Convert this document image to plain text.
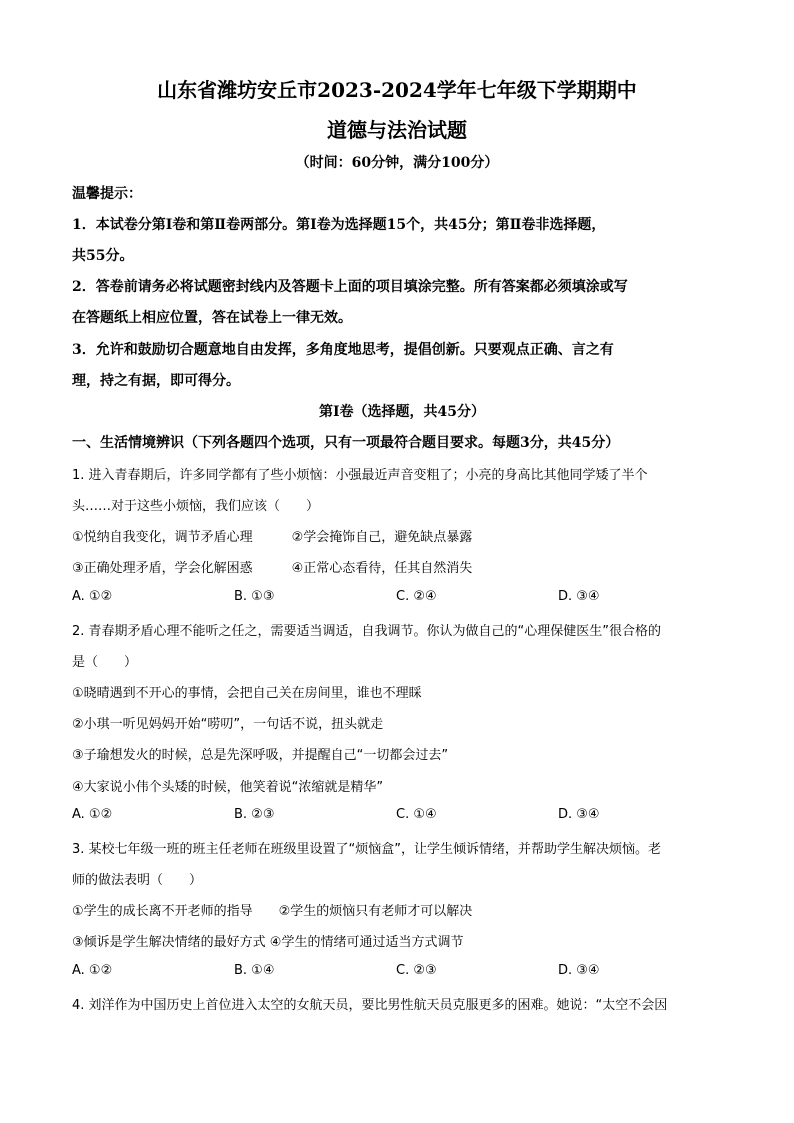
山东省潍坊安丘市2023-2024学年七年级下学期期中
道德与法治试题
（时间：60分钟，满分100分）
温馨提示：
1．本试卷分第Ⅰ卷和第Ⅱ卷两部分。第Ⅰ卷为选择题15个，共45分；第Ⅱ卷非选择题，
共55分。
2．答卷前请务必将试题密封线内及答题卡上面的项目填涂完整。所有答案都必须填涂或写
在答题纸上相应位置，答在试卷上一律无效。
3．允许和鼓励切合题意地自由发挥，多角度地思考，提倡创新。只要观点正确、言之有
理，持之有据，即可得分。
第Ⅰ卷（选择题，共45分）
一、生活情境辨识（下列各题四个选项，只有一项最符合题目要求。每题3分，共45分）
1. 进入青春期后，许多同学都有了些小烦恼：小强最近声音变粗了；小亮的身高比其他同学矮了半个
头……对于这些小烦恼，我们应该（　　）
①悦纳自我变化，调节矛盾心理　　　②学会掩饰自己，避免缺点暴露
③正确处理矛盾，学会化解困惑　　　④正常心态看待，任其自然消失
A. ①②	B. ①③	C. ②④	D. ③④
2. 青春期矛盾心理不能听之任之，需要适当调适，自我调节。你认为做自己的“心理保健医生”很合格的
是（　　）
①晓晴遇到不开心的事情，会把自己关在房间里，谁也不理睬
②小琪一听见妈妈开始“唠叨”，一句话不说，扭头就走
③子瑜想发火的时候，总是先深呼吸，并提醒自己“一切都会过去”
④大家说小伟个头矮的时候，他笑着说“浓缩就是精华”
A. ①②	B. ②③	C. ①④	D. ③④
3. 某校七年级一班的班主任老师在班级里设置了“烦恼盒”，让学生倾诉情绪，并帮助学生解决烦恼。老
师的做法表明（　　）
①学生的成长离不开老师的指导　　②学生的烦恼只有老师才可以解决
③倾诉是学生解决情绪的最好方式 ④学生的情绪可通过适当方式调节
A. ①②	B. ①④	C. ②③	D. ③④
4. 刘洋作为中国历史上首位进入太空的女航天员，要比男性航天员克服更多的困难。她说：“太空不会因
